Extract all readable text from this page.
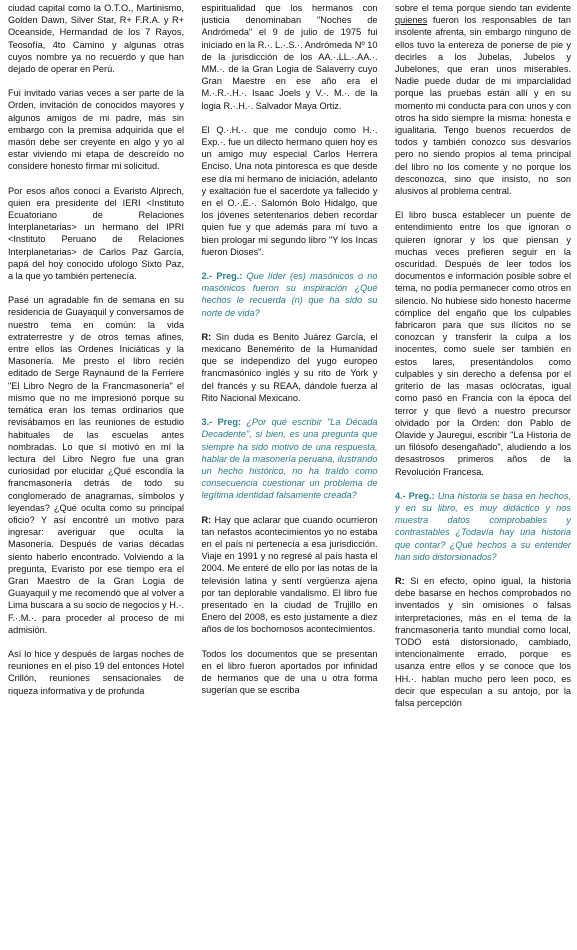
ciudad capital como la O.T.O., Martinismo, Golden Dawn, Silver Star, R+ F.R.A. y R+ Oceanside, Hermandad de los 7 Rayos, Teosofía, 4to Camino y algunas otras cuyos nombre ya no recuerdo y que han dejado de operar en Perú.

Fui invitado varias veces a ser parte de la Orden, invitación de conocidos mayores y algunos amigos de mi padre, más sin embargo con la premisa adquirida que el masón debe ser creyente en algo y yo al estar viviendo mi etapa de descreído no considere honesto firmar mi solicitud.

Por esos años conocí a Evaristo Alprech, quien era presidente del IERI <Instituto Ecuatoriano de Relaciones Interplanetarias> un hermano del IPRI <Instituto Peruano de Relaciones Interplanetarias> de Carlos Paz García, papá del hoy conocido ufólogo Sixto Paz, a la que yo también pertenecía.

Pasé un agradable fin de semana en su residencia de Guayaquil y conversamos de nuestro tema en común: la vida extraterrestre y de otros temas afines, entre ellos las Ordenes Iniciáticas y la Masonería. Me presto el libro recién editado de Serge Raynaund de la Ferriere "El Libro Negro de la Francmasonería" el mismo que no me impresionó porque su temática eran los temas ordinarios que revisábamos en las reuniones de estudio habituales de las escuelas antes nombradas. Lo que sí motivó en mí la lectura del Libro Negro fue una gran curiosidad por elucidar ¿Qué escondía la francmasonería detrás de todo su conglomerado de anagramas, símbolos y leyendas? ¿Qué oculta como su principal oficio? Y así encontré un motivo para ingresar: averiguar que oculta la Masonería. Después de varias décadas siento haberlo encontrado. Volviendo a la pregunta, Evaristo por ese tiempo era el Gran Maestro de la Gran Logia de Guayaquil y me recomendó que al volver a Lima buscara a su socio de negocios y H.·. F.·.M.·. para proceder al proceso de mi admisión.

Así lo hice y después de largas noches de reuniones en el piso 19 del entonces Hotel Crillón, reuniones sensacionales de riqueza informativa y de profunda

espiritualidad que los hermanos con justicia denominaban "Noches de Andrómeda" el 9 de julio de 1975 fui iniciado en la R.·. L.·.S.·. Andrómeda Nº 10 de la jurisdicción de los AA.·.LL.·.AA.·. MM.·. de la Gran Logia de Salaverry cuyo Gran Maestre en ese año era el M.·.R.·.H.·. Isaac Joels y V.·. M.·. de la logia R.·.H.·. Salvador Maya Ortiz.

El Q.·.H.·. que me condujo como H.·. Exp.·. fue un dilecto hermano quien hoy es un amigo muy especial Carlos Herrera Enciso. Una nota pintoresca es que desde ese día mi hermano de iniciación, adelanto y exaltación fue el sacerdote ya fallecido y en el O.·.E.·. Salomón Bolo Hidalgo, que los jóvenes setentenarios deben recordar quien fue y que además para mí tuvo a bien prologar mi segundo libro "Y los Incas fueron Dioses".

2.- Preg.: Que líder (es) masónicos o no masónicos fueron su inspiración ¿Qué hechos le recuerda (n) que ha sido su norte de vida?

R: Sin duda es Benito Juárez García, el mexicano Benemérito de la Humanidad que se independizo del yugo europeo francmasónico inglés y su rito de York y del francés y su REAA, dándole fuerza al Rito Nacional Mexicano.

3.- Preg: ¿Por qué escribir "La Década Decadente", si bien, es una pregunta que siempre ha sido motivo de una respuesta, hablar de la masonería peruana, ilustrando un hecho histórico, no ha traído como consecuencia cuestionar un problema de legítima identidad falsamente creada?

R: Hay que aclarar que cuando ocurrieron tan nefastos acontecimientos yo no estaba en el país ni pertenecía a esa jurisdicción. Viaje en 1991 y no regresé al país hasta el 2004. Me enteré de ello por las notas de la televisión latina y sentí vergüenza ajena por tan deplorable vandalismo. El libro fue presentado en la ciudad de Trujillo en Enero del 2008, es esto justamente a diez años de los bochornosos acontecimientos.

Todos los documentos que se presentan en el libro fueron aportados por infinidad de hermanos que de una u otra forma sugerían que se escriba

sobre el tema porque siendo tan evidente quienes fueron los responsables de tan insolente afrenta, sin embargo ninguno de ellos tuvo la entereza de ponerse de pie y decirles a los Jubelas, Jubelos y Jubelones, que eran unos miserables. Nadie puede dudar de mi imparcialidad porque las pruebas están allí y en su momento mi conducta para con unos y con otros ha sido siempre la misma: honesta e igualitaria. Tengo buenos recuerdos de todos y también conozco sus desvaríos pero no siendo propios al tema principal del libro no los comente y no porque los desconozca, sino que insisto, no son alusivos al problema central.

El libro busca establecer un puente de entendimiento entre los que ignoran o quieren ignorar y los que piensan y muchas veces prefieren seguir en la oscuridad. Después de leer todos los documentos e información posible sobre el tema, no podía permanecer como otros en silencio. No hubiese sido honesto hacerme cómplice del engaño que los culpables fabricaron para que sus ilícitos no se conozcan y transferir la culpa a los inocentes, como suele ser también en estos lares, presentándolos como culpables y sin derecho a defensa por el griterío de las masas oclócratas, igual como pasó en Francia con la época del terror y que llevó a nuestro precursor olvidado por la Orden: don Pablo de Olavide y Jauregui, escribir "La Historia de un filósofo desengañado", aludiendo a los desastrosos primeros años de la Revolución Francesa.

4.- Preg.: Una historia se basa en hechos, y en su libro, es muy didáctico y nos muestra datos comprobables y contrastables ¿Todavía hay una historia que contar? ¿Qué hechos a su entender han sido distorsionados?

R: Si en efecto, opino igual, la historia debe basarse en hechos comprobados no inventados y sin omisiones o falsas interpretaciones, más en el tema de la francmasonería tanto mundial como local, TODO está distorsionado, cambiado, intencionalmente errado, porque es usanza entre ellos y se conoce que los HH.·. hablan mucho pero leen poco, es decir que especulan a su antojo, por la falsa percepción
